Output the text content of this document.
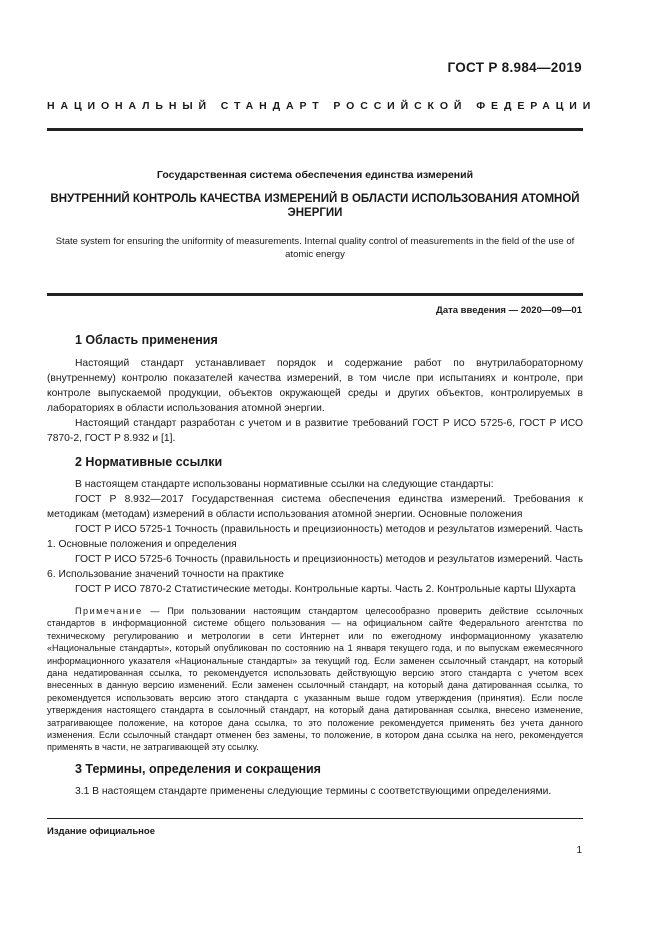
ГОСТ Р 8.984—2019
НАЦИОНАЛЬНЫЙ СТАНДАРТ РОССИЙСКОЙ ФЕДЕРАЦИИ
Государственная система обеспечения единства измерений
ВНУТРЕННИЙ КОНТРОЛЬ КАЧЕСТВА ИЗМЕРЕНИЙ В ОБЛАСТИ ИСПОЛЬЗОВАНИЯ АТОМНОЙ ЭНЕРГИИ
State system for ensuring the uniformity of measurements. Internal quality control of measurements in the field of the use of atomic energy
Дата введения — 2020—09—01
1 Область применения

Настоящий стандарт устанавливает порядок и содержание работ по внутрилабораторному (внутреннему) контролю показателей качества измерений, в том числе при испытаниях и контроле, при контроле выпускаемой продукции, объектов окружающей среды и других объектов, контролируемых в лабораториях в области использования атомной энергии.

Настоящий стандарт разработан с учетом и в развитие требований ГОСТ Р ИСО 5725-6, ГОСТ Р ИСО 7870-2, ГОСТ Р 8.932 и [1].

2 Нормативные ссылки

В настоящем стандарте использованы нормативные ссылки на следующие стандарты:

ГОСТ Р 8.932—2017 Государственная система обеспечения единства измерений. Требования к методикам (методам) измерений в области использования атомной энергии. Основные положения

ГОСТ Р ИСО 5725-1 Точность (правильность и прецизионность) методов и результатов измерений. Часть 1. Основные положения и определения

ГОСТ Р ИСО 5725-6 Точность (правильность и прецизионность) методов и результатов измерений. Часть 6. Использование значений точности на практике

ГОСТ Р ИСО 7870-2 Статистические методы. Контрольные карты. Часть 2. Контрольные карты Шухарта

Примечание — При пользовании настоящим стандартом целесообразно проверить действие ссылочных стандартов в информационной системе общего пользования — на официальном сайте Федерального агентства по техническому регулированию и метрологии в сети Интернет или по ежегодному информационному указателю «Национальные стандарты», который опубликован по состоянию на 1 января текущего года, и по выпускам ежемесячного информационного указателя «Национальные стандарты» за текущий год. Если заменен ссылочный стандарт, на который дана недатированная ссылка, то рекомендуется использовать действующую версию этого стандарта с учетом всех внесенных в данную версию изменений. Если заменен ссылочный стандарт, на который дана датированная ссылка, то рекомендуется использовать версию этого стандарта с указанным выше годом утверждения (принятия). Если после утверждения настоящего стандарта в ссылочный стандарт, на который дана датированная ссылка, внесено изменение, затрагивающее положение, на которое дана ссылка, то это положение рекомендуется применять без учета данного изменения. Если ссылочный стандарт отменен без замены, то положение, в котором дана ссылка на него, рекомендуется применять в части, не затрагивающей эту ссылку.

3 Термины, определения и сокращения

3.1 В настоящем стандарте применены следующие термины с соответствующими определениями.

Издание официальное
1
